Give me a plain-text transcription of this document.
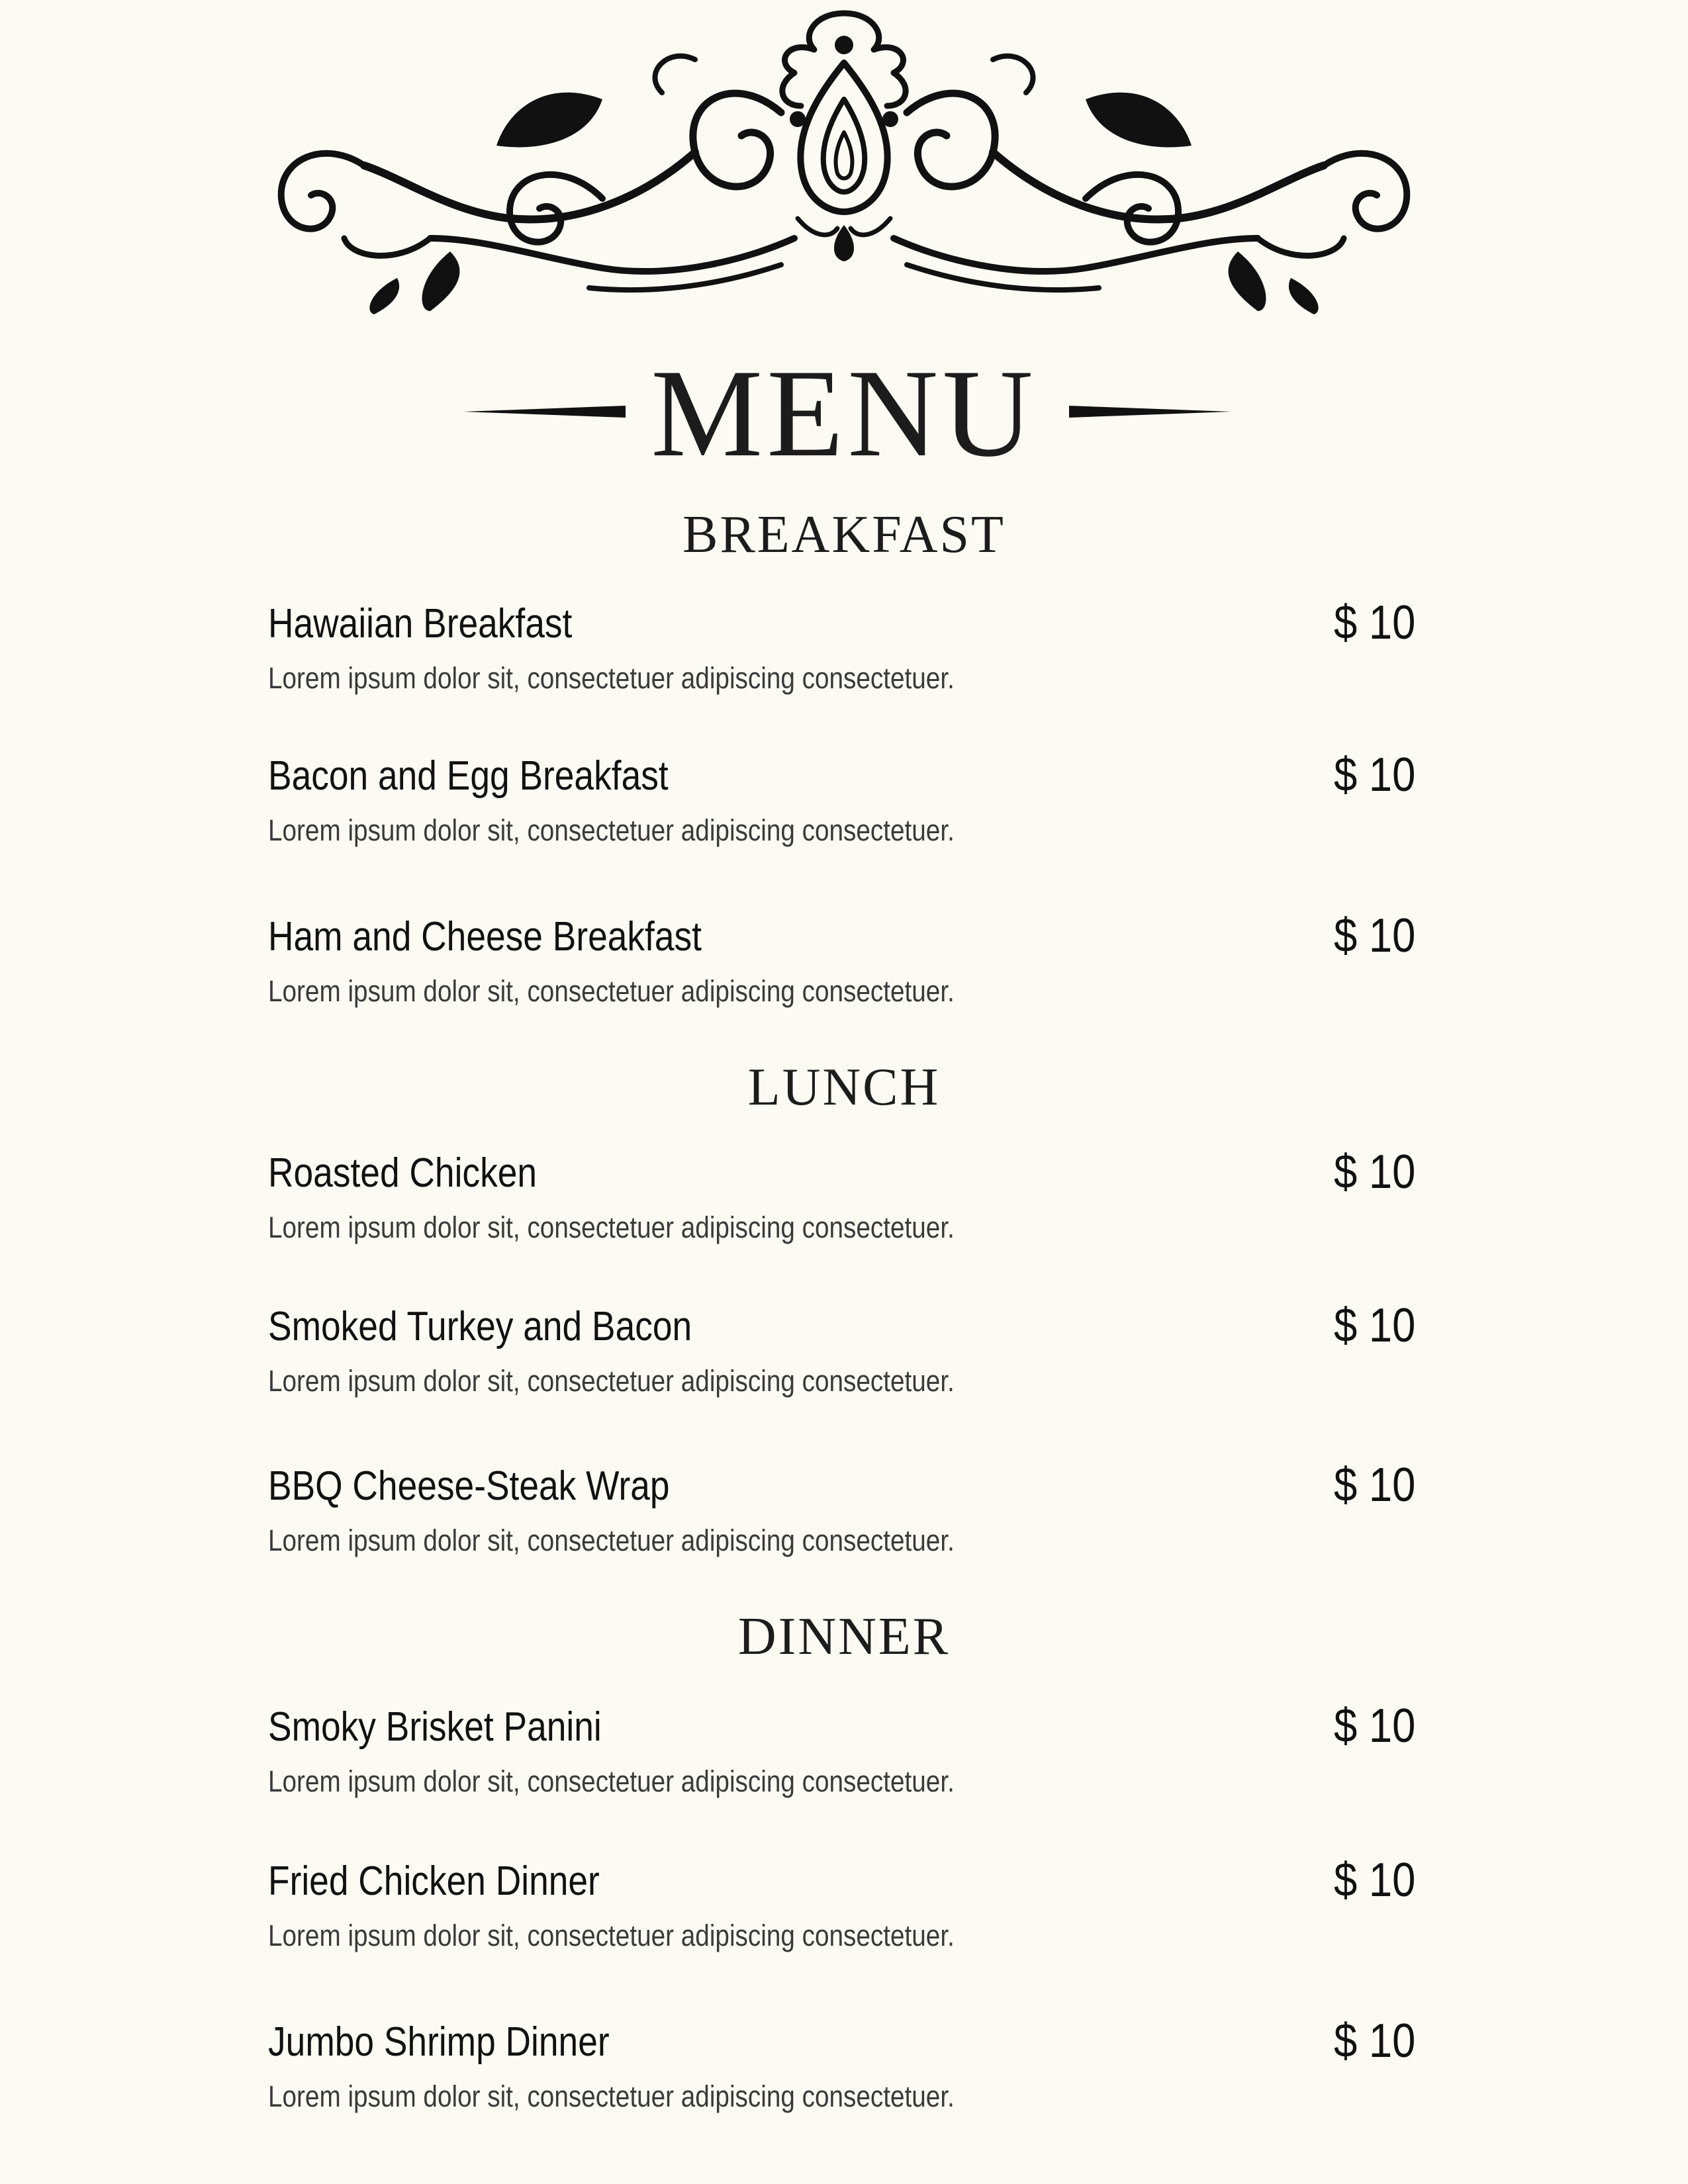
MENU
BREAKFAST
Hawaiian Breakfast
Lorem ipsum dolor sit, consectetuer adipiscing consectetuer.
$ 10
Bacon and Egg Breakfast
Lorem ipsum dolor sit, consectetuer adipiscing consectetuer.
$ 10
Ham and Cheese Breakfast
Lorem ipsum dolor sit, consectetuer adipiscing consectetuer.
$ 10
LUNCH
Roasted Chicken
Lorem ipsum dolor sit, consectetuer adipiscing consectetuer.
$ 10
Smoked Turkey and Bacon
Lorem ipsum dolor sit, consectetuer adipiscing consectetuer.
$ 10
BBQ Cheese-Steak Wrap
Lorem ipsum dolor sit, consectetuer adipiscing consectetuer.
$ 10
DINNER
Smoky Brisket Panini
Lorem ipsum dolor sit, consectetuer adipiscing consectetuer.
$ 10
Fried Chicken Dinner
Lorem ipsum dolor sit, consectetuer adipiscing consectetuer.
$ 10
Jumbo Shrimp Dinner
Lorem ipsum dolor sit, consectetuer adipiscing consectetuer.
$ 10
